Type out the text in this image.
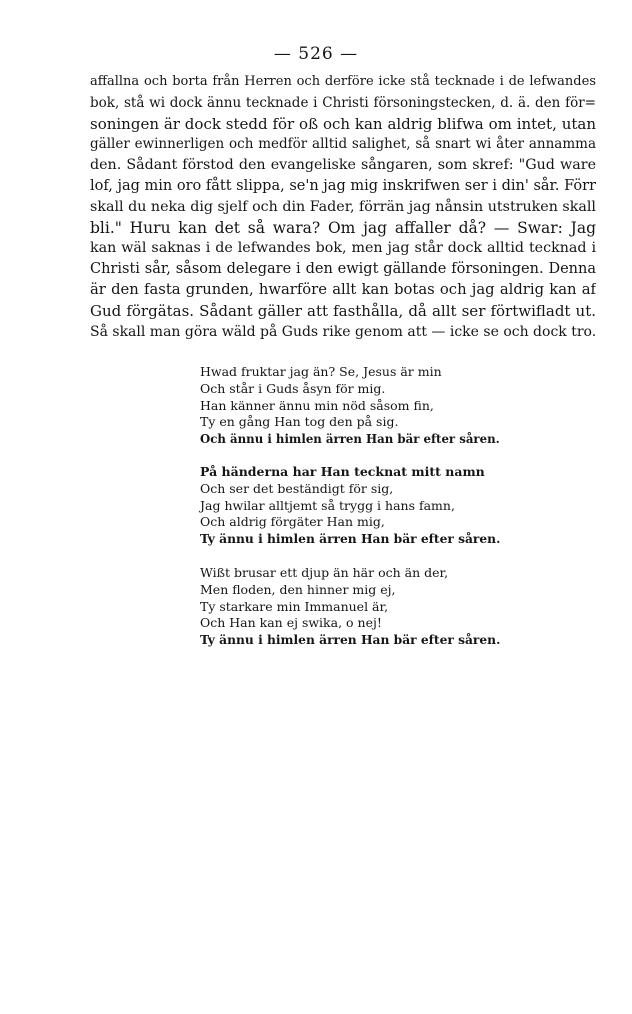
— 526 —
affallna och borta från Herren och derföre icke stå tecknade i de lefwandes
bok, stå wi dock ännu tecknade i Christi försoningstecken, d. ä. den för=
soningen är dock stedd för oß och kan aldrig blifwa om intet, utan
gäller ewinnerligen och medför alltid salighet, så snart wi åter annamma
den. Sådant förstod den evangeliske sångaren, som skref: "Gud ware
lof, jag min oro fått slippa, se'n jag mig inskrifwen ser i din' sår. Förr
skall du neka dig sjelf och din Fader, förrän jag nånsin utstruken skall
bli." Huru kan det så wara? Om jag affaller då? — Swar: Jag
kan wäl saknas i de lefwandes bok, men jag står dock alltid tecknad i
Christi sår, såsom delegare i den ewigt gällande försoningen. Denna
är den fasta grunden, hwarföre allt kan botas och jag aldrig kan af
Gud förgätas. Sådant gäller att fasthålla, då allt ser förtwifladt ut.
Så skall man göra wäld på Guds rike genom att — icke se och dock tro.
Hwad fruktar jag än? Se, Jesus är min
Och står i Guds åsyn för mig.
Han känner ännu min nöd såsom fin,
Ty en gång Han tog den på sig.
Och ännu i himlen ärren Han bär efter såren.
På händerna har Han tecknat mitt namn
Och ser det beständigt för sig,
Jag hwilar alltjemt så trygg i hans famn,
Och aldrig förgäter Han mig,
Ty ännu i himlen ärren Han bär efter såren.
Wißt brusar ett djup än här och än der,
Men floden, den hinner mig ej,
Ty starkare min Immanuel är,
Och Han kan ej swika, o nej!
Ty ännu i himlen ärren Han bär efter såren.
